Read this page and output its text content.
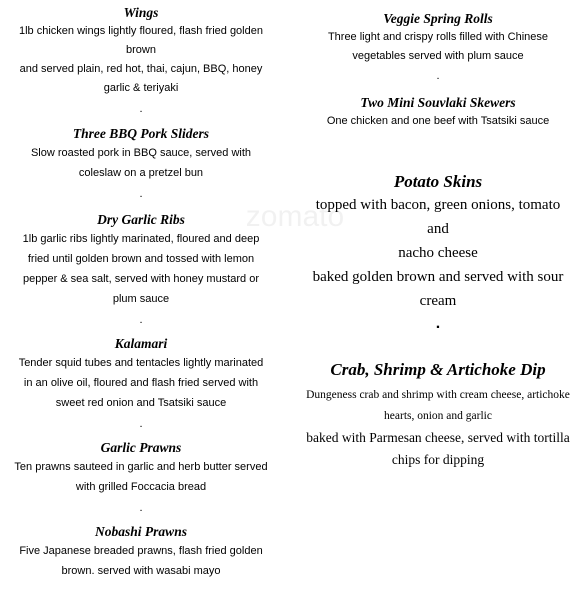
zomato

Wings

1lb chicken wings lightly floured, flash fried golden

brown

and served plain, red hot, thai, cajun, BBQ, honey

garlic & teriyaki

.

Three BBQ Pork Sliders

Slow roasted pork in BBQ sauce, served with

coleslaw on a pretzel bun

.

Dry Garlic Ribs

1lb garlic ribs lightly marinated, floured and deep

fried until golden brown and tossed with lemon

pepper & sea salt, served with honey mustard or

plum sauce

.

Kalamari

Tender squid tubes and tentacles lightly marinated

in an olive oil, floured and flash fried served with

sweet red onion and Tsatsiki sauce

.

Garlic Prawns

Ten prawns sauteed in garlic and herb butter served

with grilled Foccacia bread

.

Nobashi Prawns

Five Japanese breaded prawns, flash fried golden

brown. served with wasabi mayo

Veggie Spring Rolls

Three light and crispy rolls filled with Chinese

vegetables served with plum sauce

.

Two Mini Souvlaki Skewers

One chicken and one beef with Tsatsiki sauce

Potato Skins

topped with bacon, green onions, tomato and

nacho cheese

baked golden brown and served with sour

cream

.

Crab, Shrimp & Artichoke Dip

Dungeness crab and shrimp with cream cheese, artichoke

hearts, onion and garlic

baked with Parmesan cheese, served with tortilla

chips for dipping
